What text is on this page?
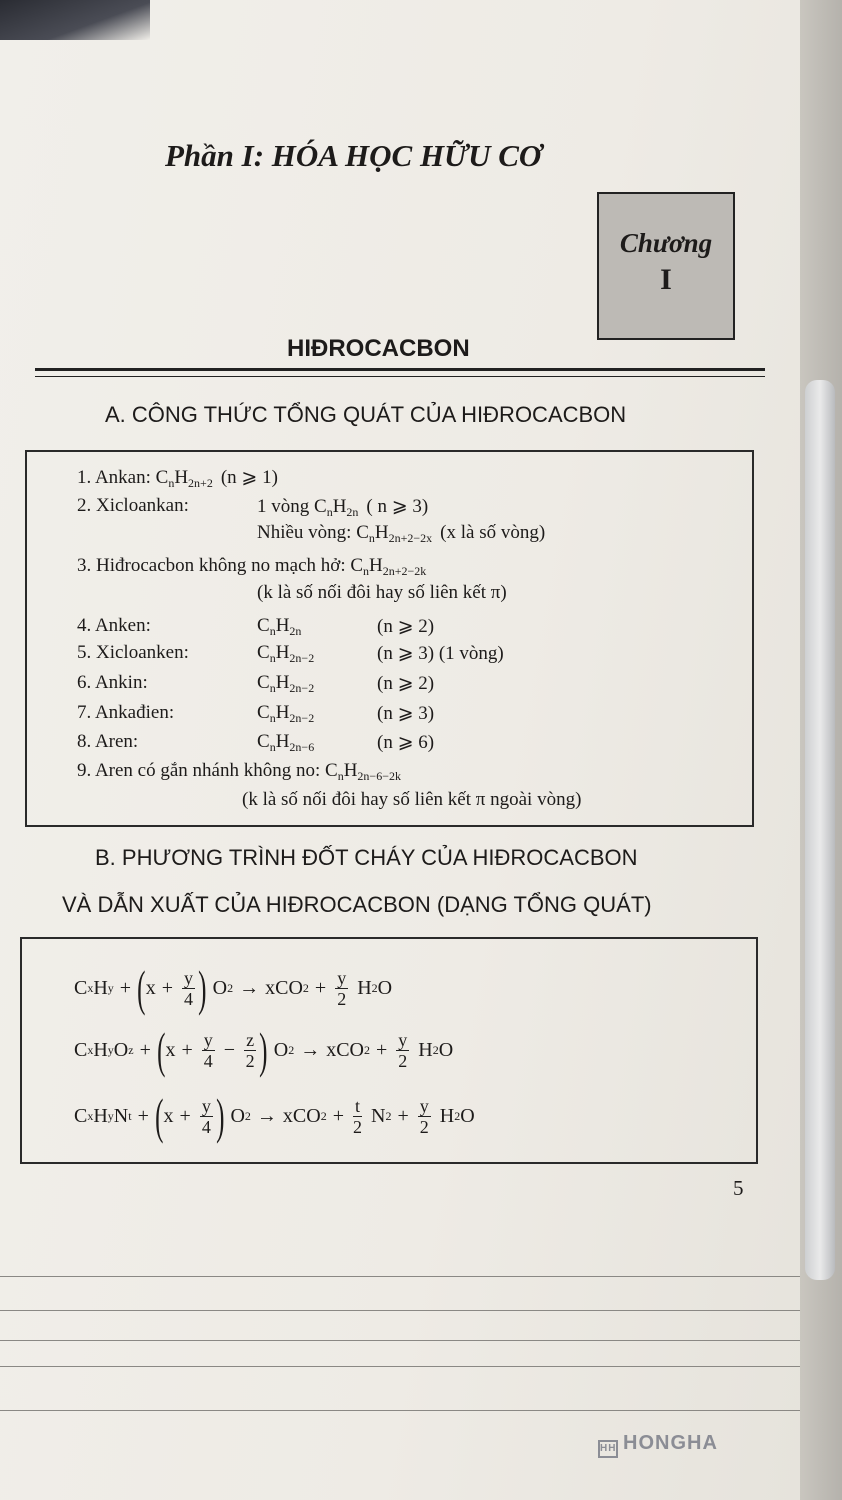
Phần I: HÓA HỌC HỮU CƠ
Chương
I
HIĐROCACBON
A. CÔNG THỨC TỔNG QUÁT CỦA HIĐROCACBON
1. Ankan: $C_nH_{2n+2}$ (n ⩾ 1)
2. Xicloankan:	1 vòng $C_nH_{2n}$ ( n ⩾ 3)
Nhiều vòng: $C_nH_{2n+2-2x}$ (x là số vòng)
3. Hiđrocacbon không no mạch hở: $C_nH_{2n+2-2k}$
(k là số nối đôi hay số liên kết π)
4. Anken:	$C_nH_{2n}$	(n ⩾ 2)
5. Xicloanken:	$C_nH_{2n-2}$	(n ⩾ 3) (1 vòng)
6. Ankin:	$C_nH_{2n-2}$	(n ⩾ 2)
7. Ankađien:	$C_nH_{2n-2}$	(n ⩾ 3)
8. Aren:	$C_nH_{2n-6}$	(n ⩾ 6)
9. Aren có gắn nhánh không no: $C_nH_{2n-6-2k}$
(k là số nối đôi hay số liên kết π ngoài vòng)
B. PHƯƠNG TRÌNH ĐỐT CHÁY CỦA HIĐROCACBON
VÀ DẪN XUẤT CỦA HIĐROCACBON (DẠNG TỔNG QUÁT)
C x H y + ( x + y
4 ) O 2 → xCO 2 + y
2 H 2 O
C x H y O z + ( x + y
4 − z
2 ) O 2 → xCO 2 + y
2 H 2 O
C x H y N t + ( x + y
4 ) O 2 → xCO 2 + t
2 N 2 + y
2 H 2 O
5
HH HONGHA
